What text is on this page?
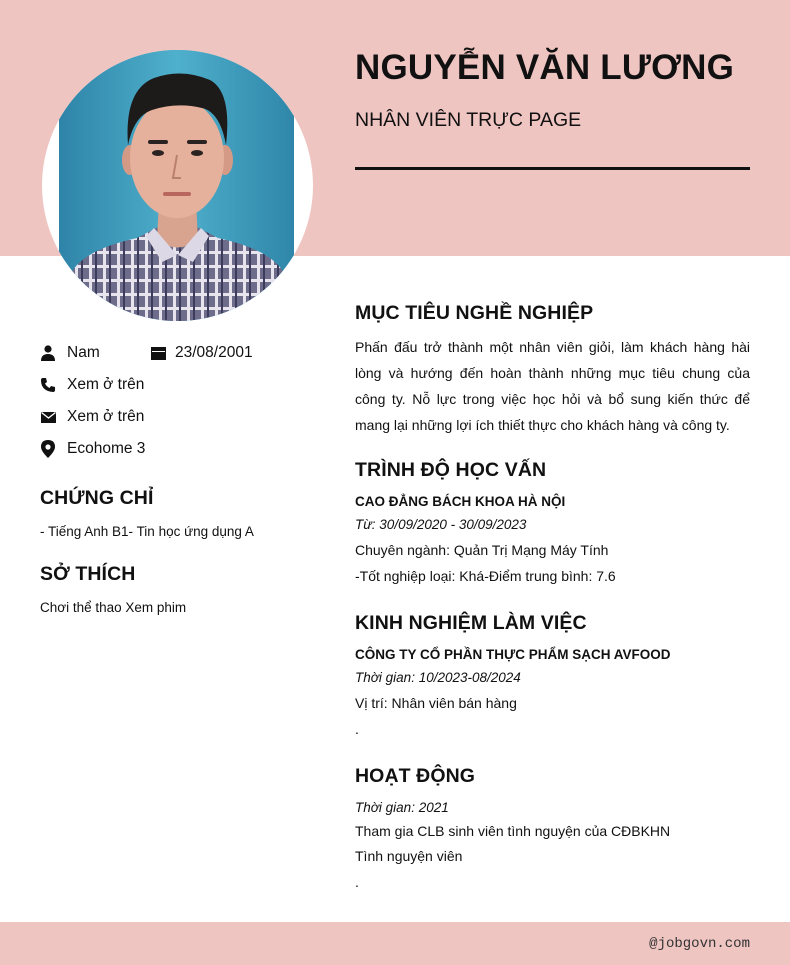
NGUYỄN VĂN LƯƠNG
NHÂN VIÊN TRỰC PAGE
Nam	23/08/2001
Xem ở trên
Xem ở trên
Ecohome 3
CHỨNG CHỈ
- Tiếng Anh B1- Tin học ứng dụng A
SỞ THÍCH
Chơi thể thao Xem phim
MỤC TIÊU NGHỀ NGHIỆP
Phấn đấu trở thành một nhân viên giỏi, làm khách hàng hài lòng và hướng đến hoàn thành những mục tiêu chung của công ty. Nỗ lực trong việc học hỏi và bổ sung kiến thức để mang lại những lợi ích thiết thực cho khách hàng và công ty.
TRÌNH ĐỘ HỌC VẤN
CAO ĐẲNG BÁCH KHOA HÀ NỘI
Từ: 30/09/2020 - 30/09/2023
Chuyên ngành: Quản Trị Mạng Máy Tính
-Tốt nghiệp loại: Khá-Điểm trung bình: 7.6
KINH NGHIỆM LÀM VIỆC
CÔNG TY CỔ PHẦN THỰC PHẨM SẠCH AVFOOD
Thời gian: 10/2023-08/2024
Vị trí: Nhân viên bán hàng
.
HOẠT ĐỘNG
Thời gian: 2021
Tham gia CLB sinh viên tình nguyện của CĐBKHN
Tình nguyện viên
.
@jobgovn.com
